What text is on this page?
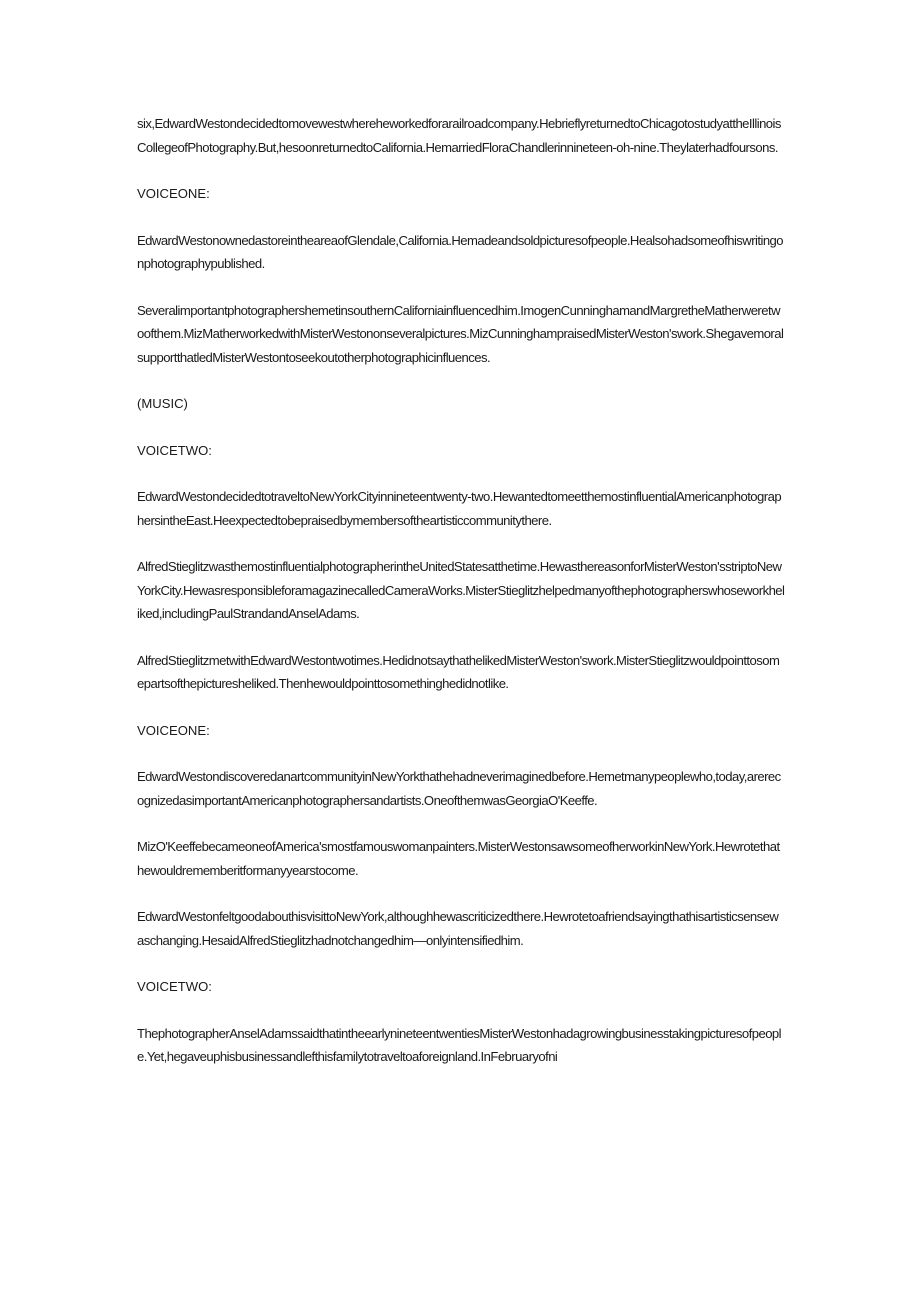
six,EdwardWestondecidedtomovewestwhereheworkedforarailroadcompany.HebrieflyreturnedtoChicagotostudyattheIllinoisCollegeofPhotography.But,hesoonreturnedtoCalifornia.HemarriedFloraChandlerinnineteen-oh-nine.Theylaterhadfoursons.

VOICEONE:

EdwardWestonownedastoreintheareaofGlendale,California.Hemadeandsoldpicturesofpeople.Healsohadsomeofhiswritingonphotographypublished.

SeveralimportantphotographershemetinsouthernCaliforniainfluencedhim.ImogenCunninghamandMargretheMatherweretwoofthem.MizMatherworkedwithMisterWestononseveralpictures.MizCunninghampraisedMisterWeston'swork.ShegavemoralsupportthatledMisterWestontoseekoutotherphotographicinfluences.

(MUSIC)

VOICETWO:

EdwardWestondecidedtotraveltoNewYorkCityinnineteentwenty-two.HewantedtomeetthemostinfluentialAmericanphotographersintheEast.Heexpectedtobepraisedbymembersoftheartisticcommunitythere.

AlfredStieglitzwasthemostinfluentialphotographerintheUnitedStatesatthetime.HewasthereasonforMisterWeston'sstriptoNewYorkCity.HewasresponsibleforamagazinecalledCameraWorks.MisterStieglitzhelpedmanyofthephotographerswhoseworkheliked,includingPaulStrandandAnselAdams.

AlfredStieglitzmetwithEdwardWestontwotimes.HedidnotsaythathelikedMisterWeston'swork.MisterStieglitzwouldpointtosomepartsofthepicturesheliked.Thenhewouldpointtosomethinghedidnotlike.

VOICEONE:

EdwardWestondiscoveredanartcommunityinNewYorkthathehadneverimaginedbefore.Hemetmanypeoplewho,today,arerecognizedasimportantAmericanphotographersandartists.OneofthemwasGeorgiaO'Keeffe.

MizO'KeeffebecameoneofAmerica'smostfamouswomanpainters.MisterWestonsawsomeofherworkinNewYork.Hewrotethathewouldrememberitformanyyearstocome.

EdwardWestonfeltgoodabouthisvisittoNewYork,althoughhewascriticizedthere.Hewrotetoafriendsayingthathisartisticsensewaschanging.HesaidAlfredStieglitzhadnotchangedhim—onlyintensifiedhim.

VOICETWO:

ThephotographerAnselAdamssaidthatintheearlynineteentwentiesMisterWestonhadagrowingbusinesstakingpicturesofpeople.Yet,hegaveuphisbusinessandlefthisfamilytotraveltoaforeignland.InFebruaryofni
